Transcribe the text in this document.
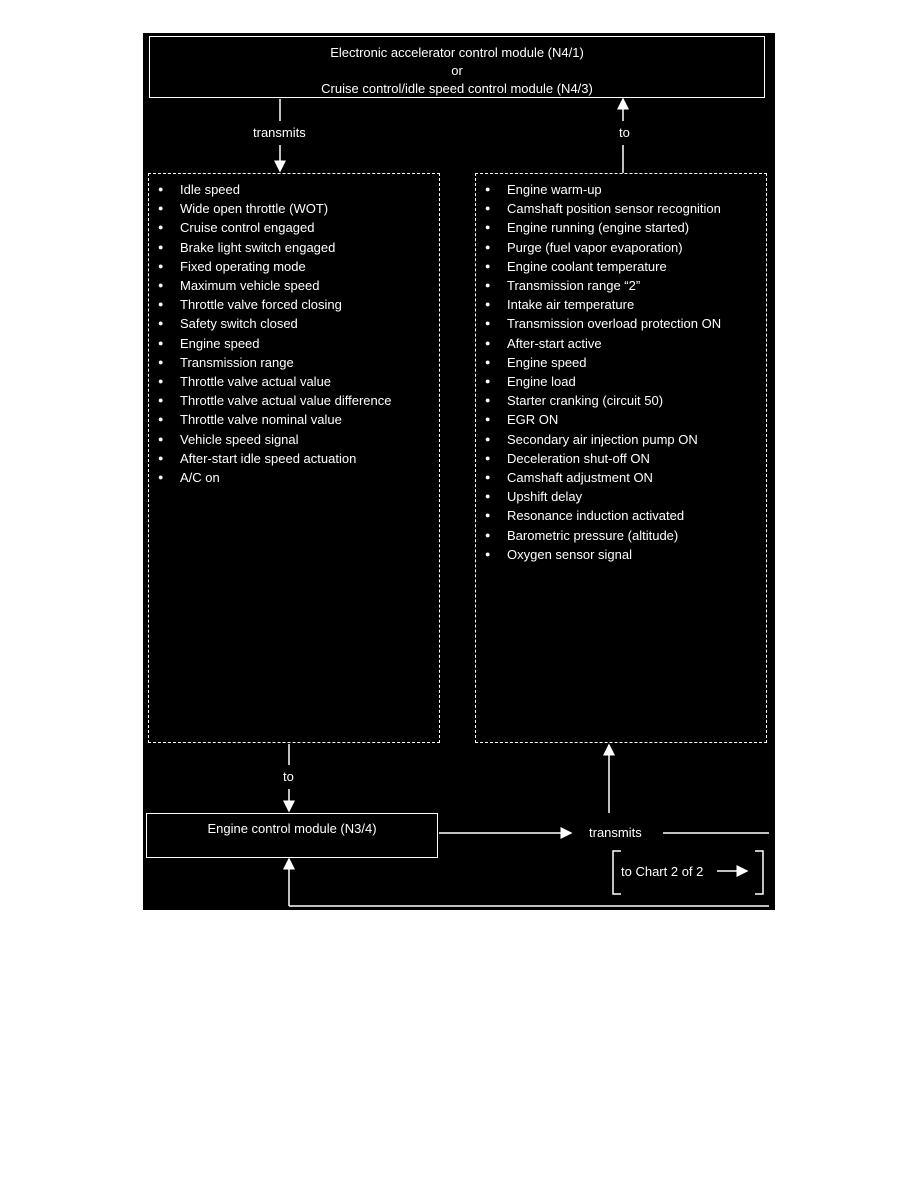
Electronic accelerator control module (N4/1)
or
Cruise control/idle speed control module (N4/3)
transmits	to
● Idle speed
● Wide open throttle (WOT)
● Cruise control engaged
● Brake light switch engaged
● Fixed operating mode
● Maximum vehicle speed
● Throttle valve forced closing
● Safety switch closed
● Engine speed
● Transmission range
● Throttle valve actual value
● Throttle valve actual value difference
● Throttle valve nominal value
● Vehicle speed signal
● After-start idle speed actuation
● A/C on
● Engine warm-up
● Camshaft position sensor recognition
● Engine running (engine started)
● Purge (fuel vapor evaporation)
● Engine coolant temperature
● Transmission range “2”
● Intake air temperature
● Transmission overload protection ON
● After-start active
● Engine speed
● Engine load
● Starter cranking (circuit 50)
● EGR ON
● Secondary air injection pump ON
● Deceleration shut-off ON
● Camshaft adjustment ON
● Upshift delay
● Resonance induction activated
● Barometric pressure (altitude)
● Oxygen sensor signal
to
Engine control module (N3/4)	transmits
to Chart 2 of 2
